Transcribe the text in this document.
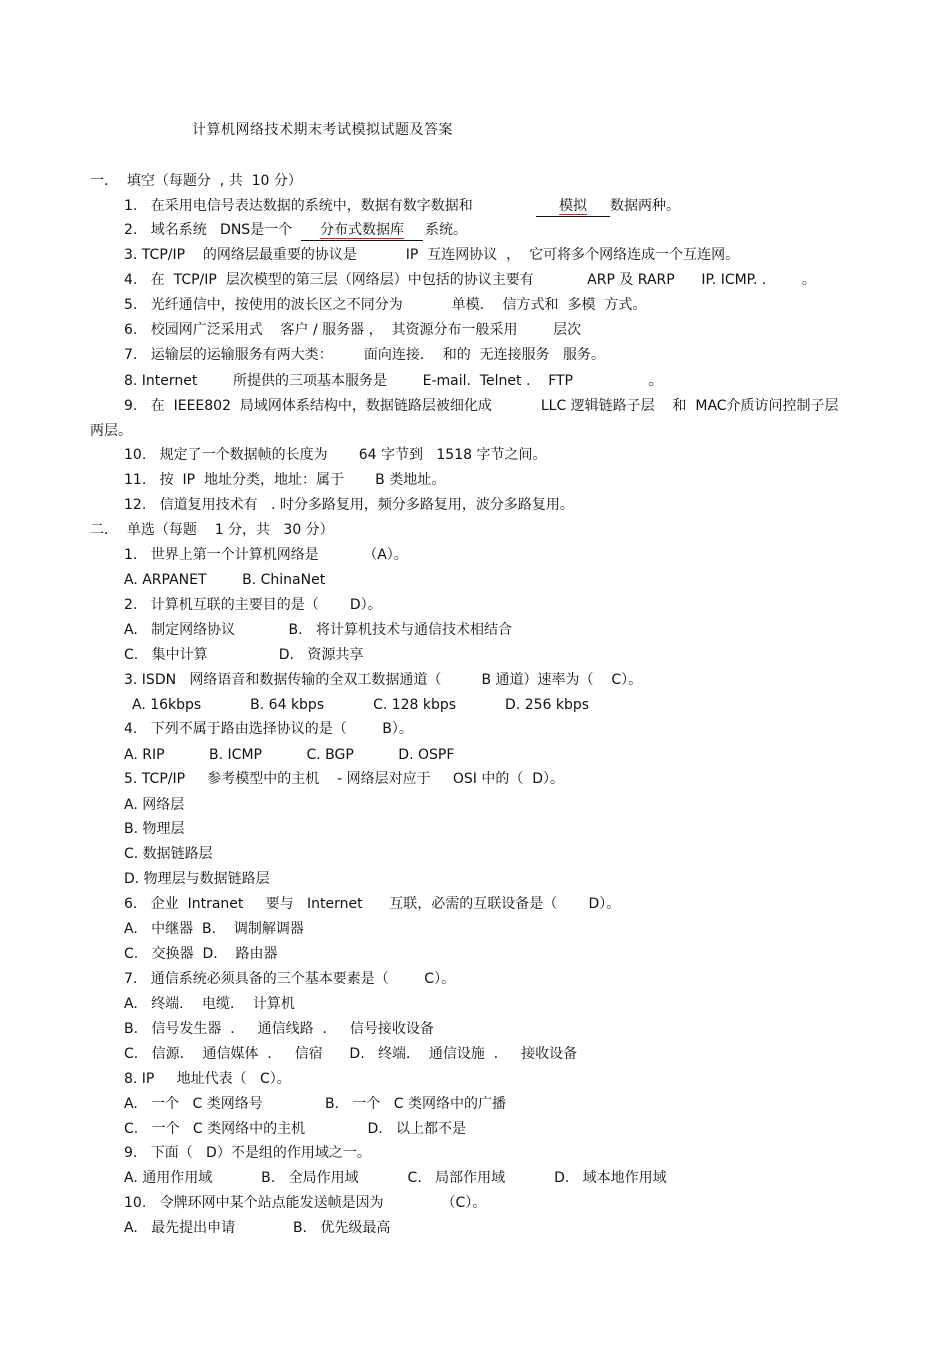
计算机网络技术期末考试模拟试题及答案
一．  填空（每题分  , 共  10 分）
1.   在采用电信号表达数据的系统中，数据有数字数据和	模拟	数据两种。
2.   域名系统   DNS是一个	分布式数据库	系统。
3. TCP/IP    的网络层最重要的协议是           IP  互连网协议  ，  它可将多个网络连成一个互连网。
4.   在  TCP/IP  层次模型的第三层（网络层）中包括的协议主要有            ARP 及 RARP      IP. ICMP. .        。
5.   光纤通信中，按使用的波长区之不同分为           单模．  信方式和  多模  方式。
6.   校园网广泛采用式    客户 / 服务器 ，  其资源分布一般采用        层次
7.   运输层的运输服务有两大类：       面向连接．  和的  无连接服务   服务。
8. Internet        所提供的三项基本服务是        E-mail.  Telnet .    FTP                 。
9.   在  IEEE802  局域网体系结构中，数据链路层被细化成           LLC 逻辑链路子层    和  MAC介质访问控制子层
两层。
10.   规定了一个数据帧的长度为       64 字节到   1518 字节之间。
11.   按  IP  地址分类，地址：属于       B 类地址。
12.   信道复用技术有   . 时分多路复用，频分多路复用，波分多路复用。
二．  单选（每题    1 分，共   30 分）
1.   世界上第一个计算机网络是          （A）。
A. ARPANET        B. ChinaNet
2.   计算机互联的主要目的是（       D）。
A.   制定网络协议            B.   将计算机技术与通信技术相结合
C.   集中计算                D.   资源共享
3. ISDN   网络语音和数据传输的全双工数据通道（         B 通道）速率为（    C）。
A. 16kbps           B. 64 kbps           C. 128 kbps           D. 256 kbps
4.   下列不属于路由选择协议的是（        B）。
A. RIP          B. ICMP          C. BGP          D. OSPF
5. TCP/IP     参考模型中的主机    - 网络层对应于     OSI 中的（  D）。
A. 网络层
B. 物理层
C. 数据链路层
D. 物理层与数据链路层
6.   企业  Intranet     要与   Internet      互联，必需的互联设备是（       D）。
A.   中继器  B.    调制解调器
C.   交换器  D.    路由器
7.   通信系统必须具备的三个基本要素是（        C）。
A.   终端．  电缆．  计算机
B.   信号发生器  ．   通信线路  ．   信号接收设备
C.   信源．  通信媒体  ．   信宿      D.   终端．  通信设施  ．   接收设备
8. IP     地址代表（   C）。
A.   一个   C 类网络号              B.   一个   C 类网络中的广播
C.   一个   C 类网络中的主机              D.   以上都不是
9.   下面（   D）不是组的作用域之一。
A. 通用作用域           B.   全局作用域           C.   局部作用域           D.   域本地作用域
10.   令牌环网中某个站点能发送帧是因为             （C）。
A.   最先提出申请             B.   优先级最高
